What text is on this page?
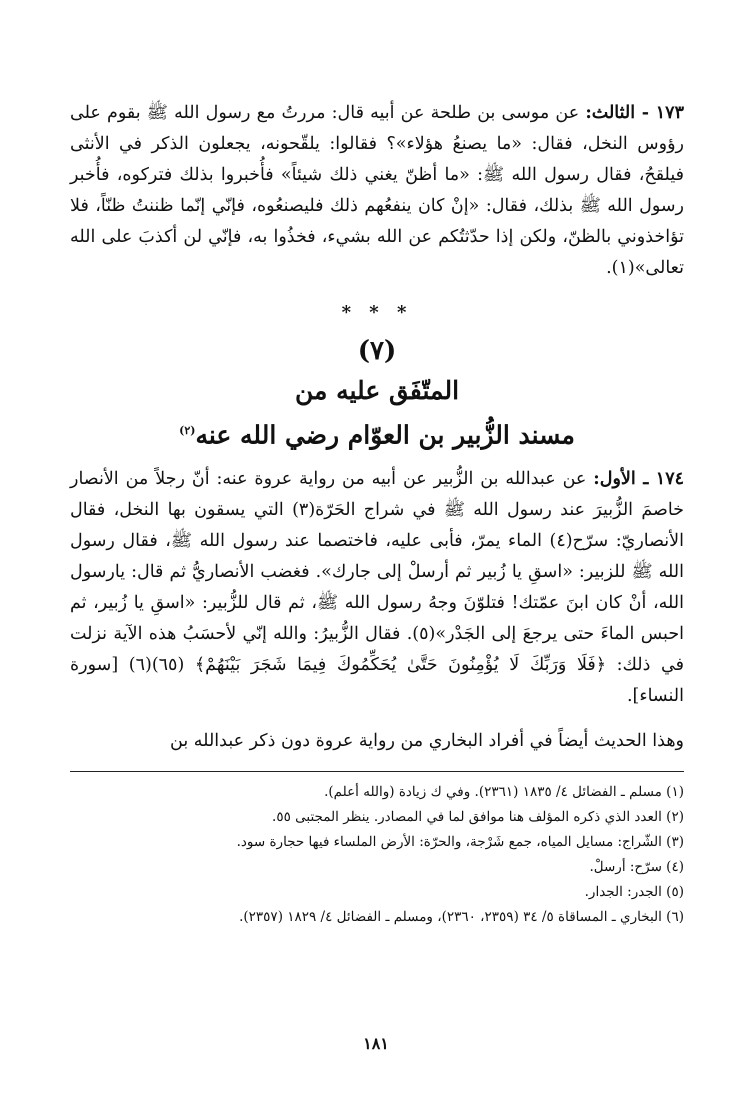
١٧٣ - الثالث: عن موسى بن طلحة عن أبيه قال: مررتُ مع رسول الله ﷺ بقوم على رؤوس النخل، فقال: «ما يصنعُ هؤلاء»؟ فقالوا: يلقّحونه، يجعلون الذكر في الأنثى فيلقحُ، فقال رسول الله ﷺ: «ما أظنّ يغني ذلك شيئاً» فأُخبروا بذلك فتركوه، فأُخبر رسول الله ﷺ بذلك، فقال: «إنْ كان ينفعُهم ذلك فليصنعُوه، فإنّي إنّما ظننتُ ظنّاً، فلا تؤاخذوني بالظنّ، ولكن إذا حدّثتُكم عن الله بشيء، فخذُوا به، فإنّي لن أكذبَ على الله تعالى»(١).

* * *
(٧)
المتّفَق عليه من
مسند الزُّبير بن العوّام رضي الله عنه$^{(٢)}$

١٧٤ ـ الأول: عن عبدالله بن الزُّبير عن أبيه من رواية عروة عنه: أنّ رجلاً من الأنصار خاصمَ الزُّبيرَ عند رسول الله ﷺ في شراج الحَرّة(٣) التي يسقون بها النخل، فقال الأنصاريّ: سرّح(٤) الماء يمرّ، فأبى عليه، فاختصما عند رسول الله ﷺ، فقال رسول الله ﷺ للزبير: «اسقِ يا زُبير ثم أرسلْ إلى جارك». فغضب الأنصاريُّ ثم قال: يارسول الله، أنْ كان ابنَ عمّتك! فتلوّنَ وجهُ رسول الله ﷺ، ثم قال للزُّبير: «اسقِ يا زُبير، ثم احبس الماءَ حتى يرجعَ إلى الجَدْر»(٥). فقال الزُّبيرُ: والله إنّي لأحسَبُ هذه الآية نزلت في ذلك: ﴿فَلَا وَرَبِّكَ لَا يُؤْمِنُونَ حَتَّىٰ يُحَكِّمُوكَ فِيمَا شَجَرَ بَيْنَهُمْ﴾ (٦٥)(٦) [سورة النساء].

وهذا الحديث أيضاً في أفراد البخاري من رواية عروة دون ذكر عبدالله بن

(١) مسلم ـ الفضائل ٤/ ١٨٣٥ (٢٣٦١). وفي ك زيادة (والله أعلم).

(٢) العدد الذي ذكره المؤلف هنا موافق لما في المصادر. ينظر المجتبى ٥٥.

(٣) الشّراج: مسايل المياه، جمع شَرْجة، والحرّة: الأرض الملساء فيها حجارة سود.

(٤) سرّح: أرسلْ.

(٥) الجدر: الجدار.

(٦) البخاري ـ المساقاة ٥/ ٣٤ (٢٣٥٩، ٢٣٦٠)، ومسلم ـ الفضائل ٤/ ١٨٢٩ (٢٣٥٧).

١٨١
